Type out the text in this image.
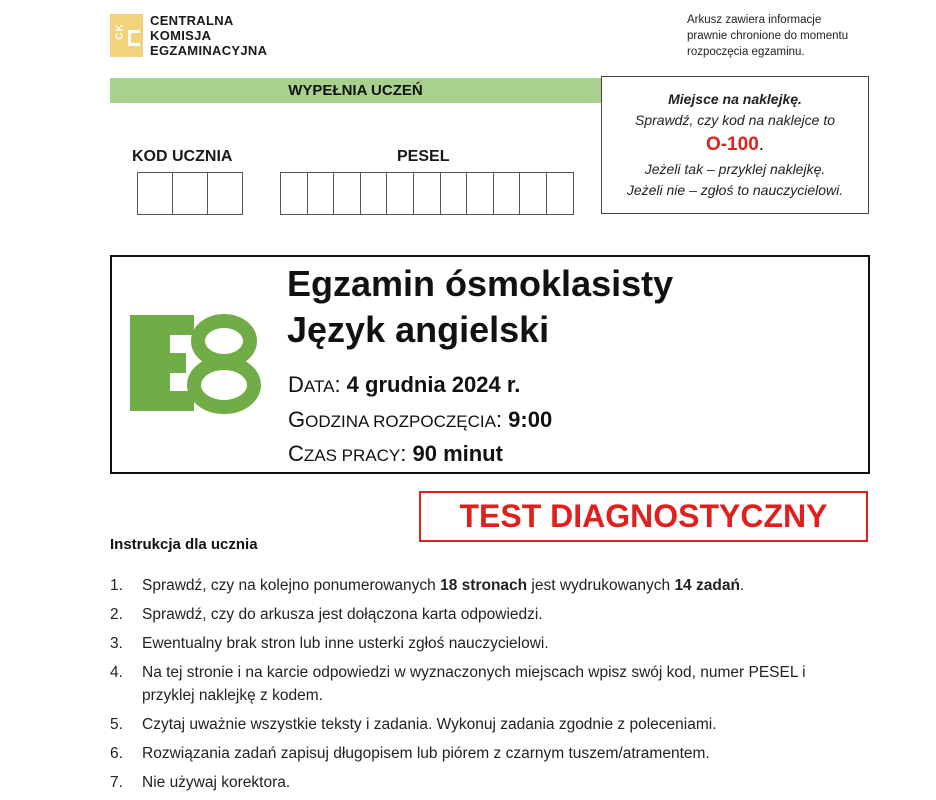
CK
CENTRALNA
KOMISJA
EGZAMINACYJNA
Arkusz zawiera informacje
prawnie chronione do momentu
rozpoczęcia egzaminu.
WYPEŁNIA UCZEŃ
KOD UCZNIA	PESEL
Miejsce na naklejkę.
Sprawdź, czy kod na naklejce to
O-100.
Jeżeli tak – przyklej naklejkę.
Jeżeli nie – zgłoś to nauczycielowi.
Egzamin ósmoklasisty
Język angielski
DATA: 4 grudnia 2024 r.
GODZINA ROZPOCZĘCIA: 9:00
CZAS PRACY: 90 minut
TEST DIAGNOSTYCZNY
Instrukcja dla ucznia
1.	Sprawdź, czy na kolejno ponumerowanych 18 stronach jest wydrukowanych 14 zadań.
2.	Sprawdź, czy do arkusza jest dołączona karta odpowiedzi.
3.	Ewentualny brak stron lub inne usterki zgłoś nauczycielowi.
4.	Na tej stronie i na karcie odpowiedzi w wyznaczonych miejscach wpisz swój kod, numer PESEL i przyklej naklejkę z kodem.
5.	Czytaj uważnie wszystkie teksty i zadania. Wykonuj zadania zgodnie z poleceniami.
6.	Rozwiązania zadań zapisuj długopisem lub piórem z czarnym tuszem/atramentem.
7.	Nie używaj korektora.
